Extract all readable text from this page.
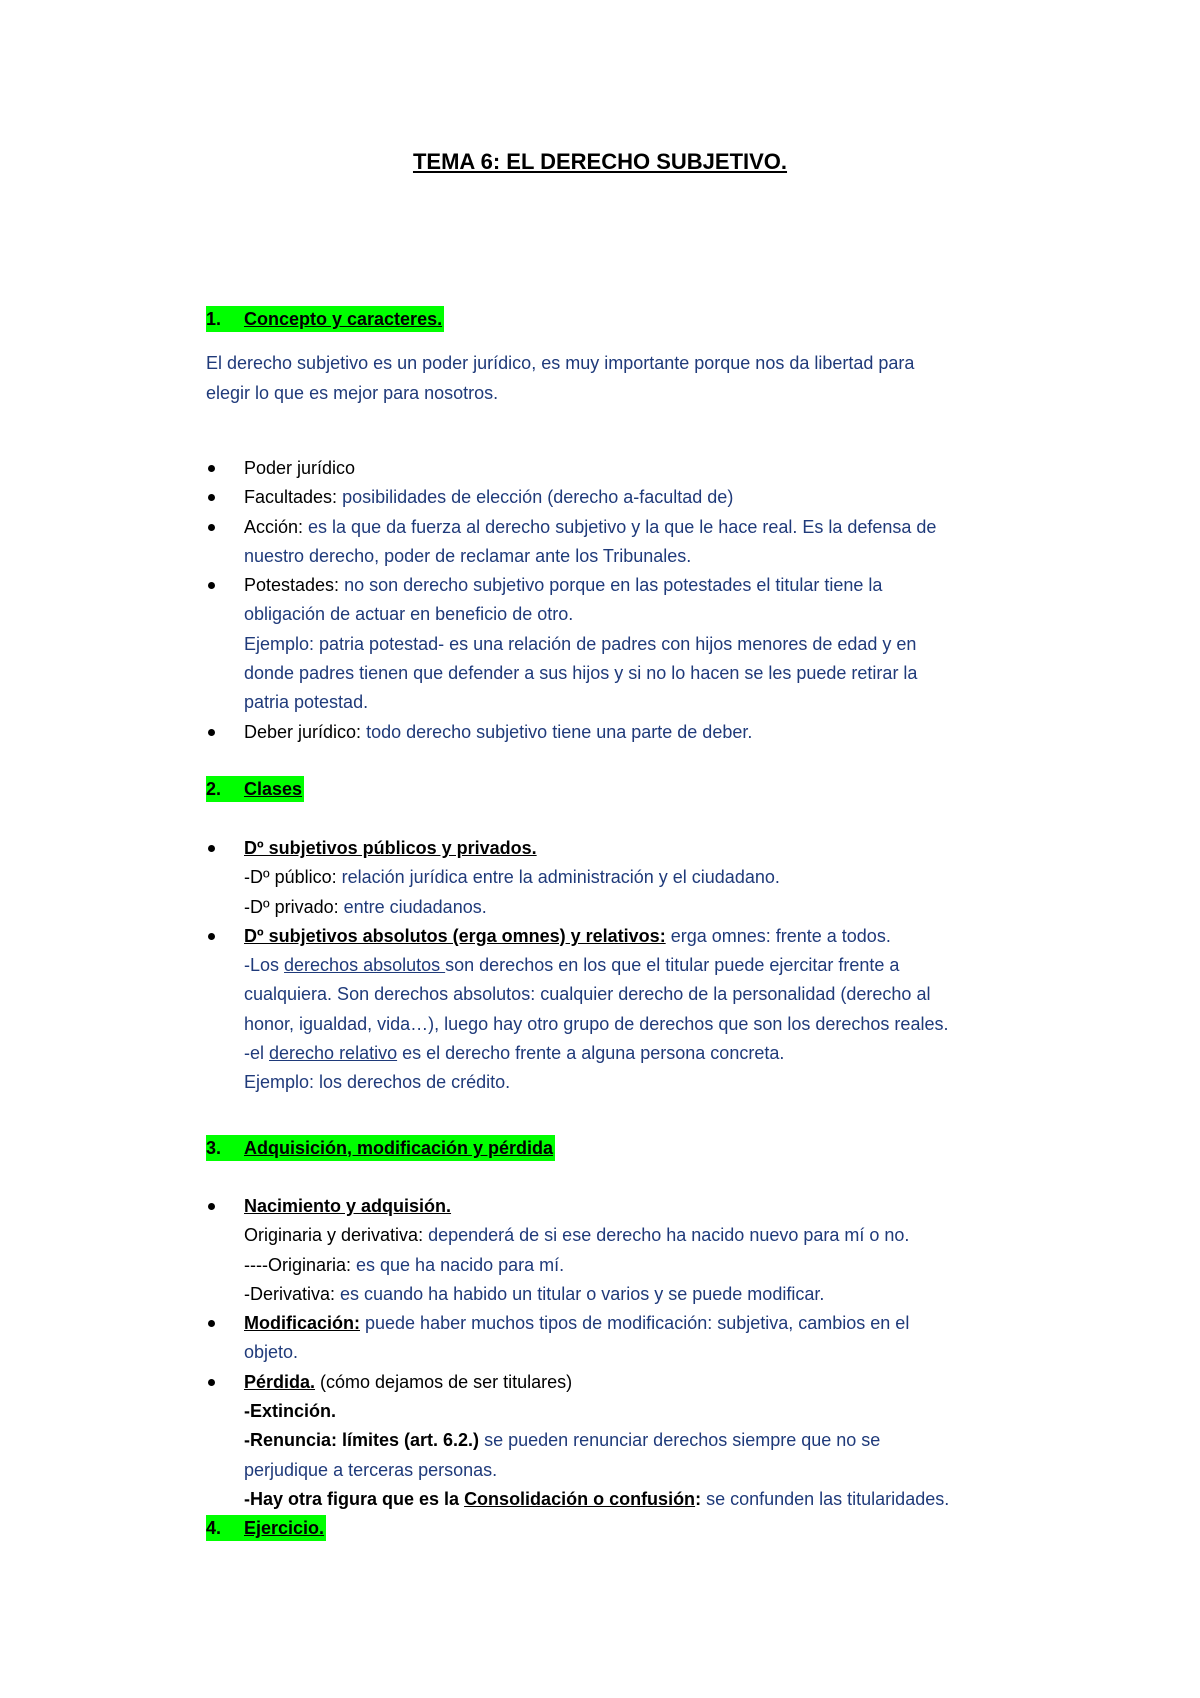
TEMA 6: EL DERECHO SUBJETIVO.
1. Concepto y caracteres.
El derecho subjetivo es un poder jurídico, es muy importante porque nos da libertad para
elegir lo que es mejor para nosotros.
Poder jurídico
Facultades: posibilidades de elección (derecho a-facultad de)
Acción: es la que da fuerza al derecho subjetivo y la que le hace real. Es la defensa de
nuestro derecho, poder de reclamar ante los Tribunales.
Potestades: no son derecho subjetivo porque en las potestades el titular tiene la
obligación de actuar en beneficio de otro.
Ejemplo: patria potestad- es una relación de padres con hijos menores de edad y en
donde padres tienen que defender a sus hijos y si no lo hacen se les puede retirar la
patria potestad.
Deber jurídico: todo derecho subjetivo tiene una parte de deber.
2. Clases
Dº subjetivos públicos y privados.
-Dº público: relación jurídica entre la administración y el ciudadano.
-Dº privado: entre ciudadanos.
Dº subjetivos absolutos (erga omnes) y relativos: erga omnes: frente a todos.
-Los derechos absolutos son derechos en los que el titular puede ejercitar frente a
cualquiera. Son derechos absolutos: cualquier derecho de la personalidad (derecho al
honor, igualdad, vida…), luego hay otro grupo de derechos que son los derechos reales.
-el derecho relativo es el derecho frente a alguna persona concreta.
Ejemplo: los derechos de crédito.
3. Adquisición, modificación y pérdida
Nacimiento y adquisión.
Originaria y derivativa: dependerá de si ese derecho ha nacido nuevo para mí o no.
----Originaria: es que ha nacido para mí.
-Derivativa: es cuando ha habido un titular o varios y se puede modificar.
Modificación: puede haber muchos tipos de modificación: subjetiva, cambios en el
objeto.
Pérdida. (cómo dejamos de ser titulares)
-Extinción.
-Renuncia: límites (art. 6.2.) se pueden renunciar derechos siempre que no se
perjudique a terceras personas.
-Hay otra figura que es la Consolidación o confusión: se confunden las titularidades.
4. Ejercicio.
